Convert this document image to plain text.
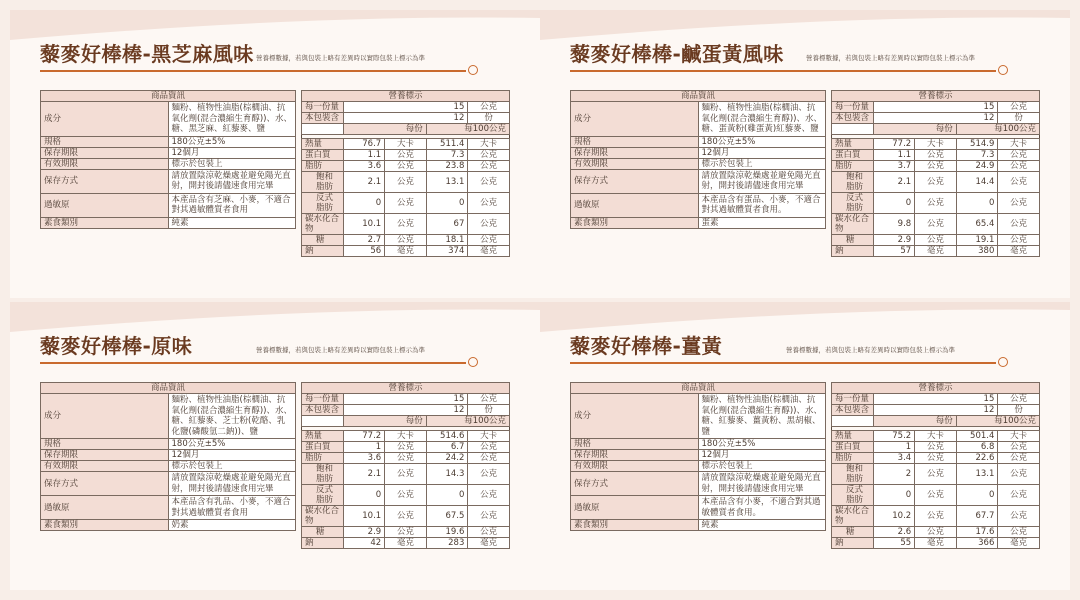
藜麥好棒棒-黑芝麻風味 營養標數據，若與包裝上略有差異時以實際包裝上標示為準
商品資訊	
成分	麵粉、植物性油脂(棕櫚油、抗氧化劑(混合濃縮生育醇))、水、糖、黑芝麻、紅藜麥、鹽
規格	180公克±5%
保存期限	12個月
有效期限	標示於包裝上
保存方式	請放置陰涼乾燥處並避免陽光直射，開封後請儘速食用完畢
過敏原	本產品含有芝麻、小麥，不適合對其過敏體質者食用
素食類別	純素
營養標示				
每一份量	15			公克
本包裝含	12			份
	每份		每100公克	

熱量	76.7	大卡	511.4	大卡
蛋白質	1.1	公克	7.3	公克
脂肪	3.6	公克	23.8	公克
飽和脂肪	2.1	公克	13.1	公克
反式脂肪	0	公克	0	公克
碳水化合物	10.1	公克	67	公克
糖	2.7	公克	18.1	公克
鈉	56	毫克	374	毫克
藜麥好棒棒-鹹蛋黃風味	營養標數據，若與包裝上略有差異時以實際包裝上標示為準
商品資訊	
成分	麵粉、植物性油脂(棕櫚油、抗氧化劑(混合濃縮生育醇))、水、糖、蛋黃粉(雞蛋黃)紅藜麥、鹽
規格	180公克±5%
保存期限	12個月
有效期限	標示於包裝上
保存方式	請放置陰涼乾燥處並避免陽光直射，開封後請儘速食用完畢
過敏原	本產品含有蛋品、小麥，不適合對其過敏體質者食用。
素食類別	蛋素
營養標示				
每一份量	15			公克
本包裝含	12			份
	每份		每100公克	

熱量	77.2	大卡	514.9	大卡
蛋白質	1.1	公克	7.3	公克
脂肪	3.7	公克	24.9	公克
飽和脂肪	2.1	公克	14.4	公克
反式脂肪	0	公克	0	公克
碳水化合物	9.8	公克	65.4	公克
糖	2.9	公克	19.1	公克
鈉	57	毫克	380	毫克
藜麥好棒棒-原味	營養標數據，若與包裝上略有差異時以實際包裝上標示為準
商品資訊	
成分	麵粉、植物性油脂(棕櫚油、抗氧化劑(混合濃縮生育醇))、水、糖、紅藜麥、芝士粉(乾酪、乳化鹽(磷酸氫二鈉))、鹽
規格	180公克±5%
保存期限	12個月
有效期限	標示於包裝上
保存方式	請放置陰涼乾燥處並避免陽光直射，開封後請儘速食用完畢
過敏原	本產品含有乳品、小麥，不適合對其過敏體質者食用
素食類別	奶素
營養標示				
每一份量	15			公克
本包裝含	12			份
	每份		每100公克	

熱量	77.2	大卡	514.6	大卡
蛋白質	1	公克	6.7	公克
脂肪	3.6	公克	24.2	公克
飽和脂肪	2.1	公克	14.3	公克
反式脂肪	0	公克	0	公克
碳水化合物	10.1	公克	67.5	公克
糖	2.9	公克	19.6	公克
鈉	42	毫克	283	毫克
藜麥好棒棒-薑黃	營養標數據，若與包裝上略有差異時以實際包裝上標示為準
商品資訊	
成分	麵粉、植物性油脂(棕櫚油、抗氧化劑(混合濃縮生育醇))、水、糖、紅藜麥、薑黃粉、黑胡椒、鹽
規格	180公克±5%
保存期限	12個月
有效期限	標示於包裝上
保存方式	請放置陰涼乾燥處並避免陽光直射，開封後請儘速食用完畢
過敏原	本產品含有小麥，不適合對其過敏體質者食用。
素食類別	純素
營養標示				
每一份量	15			公克
本包裝含	12			份
	每份		每100公克	

熱量	75.2	大卡	501.4	大卡
蛋白質	1	公克	6.8	公克
脂肪	3.4	公克	22.6	公克
飽和脂肪	2	公克	13.1	公克
反式脂肪	0	公克	0	公克
碳水化合物	10.2	公克	67.7	公克
糖	2.6	公克	17.6	公克
鈉	55	毫克	366	毫克
